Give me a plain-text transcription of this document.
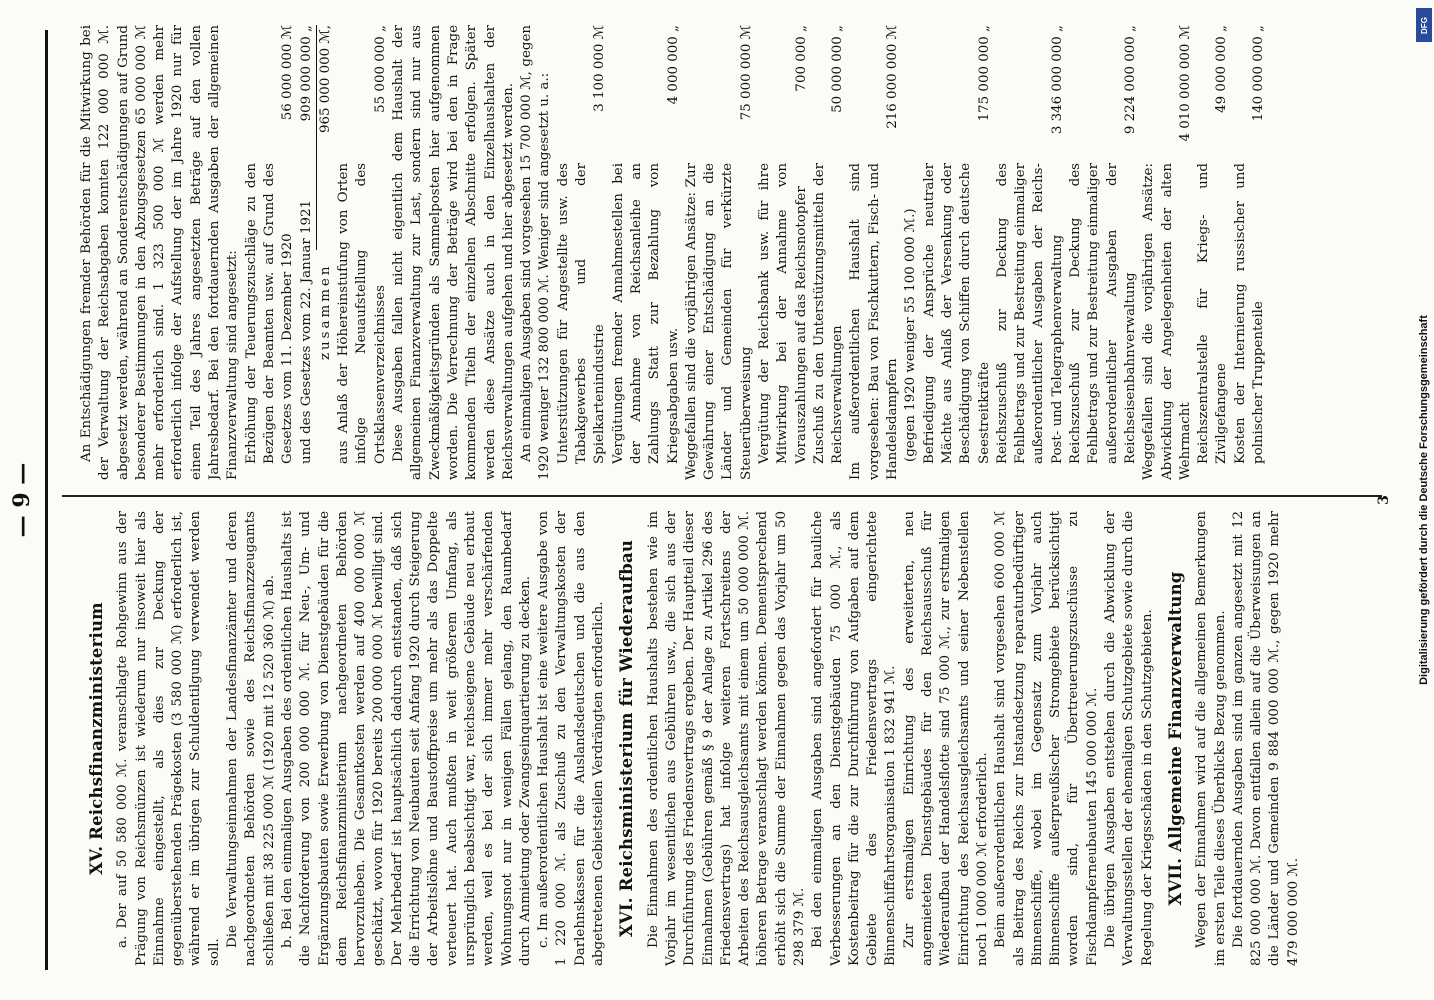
— 9 —
XV. Reichsfinanzministerium a. Der auf 50 580 000 ℳ. veranschlagte Rohgewinn aus der Prägung von Reichsmünzen ist wiederum nur insoweit hier als Einnahme eingestellt, als dies zur Deckung der gegenüberstehenden Prägekosten (3 580 000 ℳ) erforderlich ist, während er im übrigen zur Schuldentilgung verwendet werden soll.

Die Verwaltungseinnahmen der Landesfinanzämter und deren nachgeordneten Behörden sowie des Reichsfinanzzeugamts schließen mit 38 225 000 ℳ (1920 mit 12 520 360 ℳ) ab. b. Bei den einmaligen Ausgaben des ordentlichen Haushalts ist die Nachforderung von 200 000 000 ℳ. für Neu-, Um- und Ergänzungsbauten sowie Erwerbung von Dienstgebäuden für die dem Reichsfinanzministerium nachgeordneten Behörden hervorzuheben. Die Gesamtkosten werden auf 400 000 000 ℳ geschätzt, wovon für 1920 bereits 200 000 000 ℳ bewilligt sind. Der Mehrbedarf ist hauptsächlich dadurch entstanden, daß sich die Errichtung von Neubauten seit Anfang 1920 durch Steigerung der Arbeitslöhne und Baustoffpreise um mehr als das Doppelte verteuert hat. Auch mußten in weit größerem Umfang, als ursprünglich beabsichtigt war, reichseigene Gebäude neu erbaut werden, weil es bei der sich immer mehr verschärfenden Wohnungsnot nur in wenigen Fällen gelang, den Raumbedarf durch Anmietung oder Zwangseinquartierung zu decken. c. Im außerordentlichen Haushalt ist eine weitere Ausgabe von 1 220 000 ℳ. als Zuschuß zu den Verwaltungskosten der Darlehnskassen für die Auslandsdeutschen und die aus den abgetretenen Gebietsteilen Verdrängten erforderlich. XVI. Reichsministerium für Wiederaufbau Die Einnahmen des ordentlichen Haushalts bestehen wie im Vorjahr im wesentlichen aus Gebühren usw., die sich aus der Durchführung des Friedensvertrags ergeben. Der Hauptteil dieser Einnahmen (Gebühren gemäß § 9 der Anlage zu Artikel 296 des Friedensvertrags) hat infolge weiteren Fortschreitens der Arbeiten des Reichsausgleichsamts mit einem um 50 000 000 ℳ. höheren Betrage veranschlagt werden können. Dementsprechend erhöht sich die Summe der Einnahmen gegen das Vorjahr um 50 298 379 ℳ. Bei den einmaligen Ausgaben sind angefordert für bauliche Verbesserungen an den Dienstgebäuden 75 000 ℳ., als Kostenbeitrag für die zur Durchführung von Aufgaben auf dem Gebiete des Friedensvertrags eingerichtete Binnenschiffahrtsorganisation 1 832 941 ℳ. Zur erstmaligen Einrichtung des erweiterten, neu angemieteten Dienstgebäudes für den Reichsausschuß für Wiederaufbau der Handelsflotte sind 75 000 ℳ., zur erstmaligen Einrichtung des Reichsausgleichsamts und seiner Nebenstellen noch 1 000 000 ℳ erforderlich. Beim außerordentlichen Haushalt sind vorgesehen 600 000 ℳ als Beitrag des Reichs zur Instandsetzung reparaturbedürftiger Binnenschiffe, wobei im Gegensatz zum Vorjahr auch Binnenschiffe außerpreußischer Stromgebiete berücksichtigt worden sind, für Übertreuerungszuschüsse zu Fischdampferneubauten 145 000 000 ℳ. Die übrigen Ausgaben entstehen durch die Abwicklung der Verwaltungsstellen der ehemaligen Schutzgebiete sowie durch die Regelung der Kriegsschäden in den Schutzgebieten. XVII. Allgemeine Finanzverwaltung Wegen der Einnahmen wird auf die allgemeinen Bemerkungen im ersten Teile dieses Überblicks Bezug genommen. Die fortdauernden Ausgaben sind im ganzen angesetzt mit 12 825 000 000 ℳ. Davon entfallen allein auf die Überweisungen an die Länder und Gemeinden 9 884 000 000 ℳ., gegen 1920 mehr 479 000 000 ℳ.

An Entschädigungen fremder Behörden für die Mitwirkung bei der Verwaltung der Reichsabgaben konnten 122 000 000 ℳ. abgesetzt werden, während an Sonderentschädigungen auf Grund besonderer Bestimmungen in den Abzugsgesetzen 65 000 000 ℳ mehr erforderlich sind. 1 323 500 000 ℳ werden mehr erforderlich infolge der Aufstellung der im Jahre 1920 nur für einen Teil des Jahres angesetzten Beträge auf den vollen Jahresbedarf. Bei den fortdauernden Ausgaben der allgemeinen Finanzverwaltung sind angesetzt: Erhöhung der Teuerungszuschläge zu den Bezügen der Beamten usw. auf Grund des Gesetzes vom 11. Dezember 1920
56 000 000 ℳ
und des Gesetzes vom 22. Januar 1921
909 000 000 „
zusammen
965 000 000 ℳ,
aus Anlaß der Höhereinstufung von Orten infolge Neuaufstellung des Ortsklassenverzeichnisses
55 000 000 „ Diese Ausgaben fallen nicht eigentlich dem Haushalt der allgemeinen Finanzverwaltung zur Last, sondern sind nur aus Zweckmäßigkeitsgründen als Sammelposten hier aufgenommen worden. Die Verrechnung der Beträge wird bei den in Frage kommenden Titeln der einzelnen Abschnitte erfolgen. Später werden diese Ansätze auch in den Einzelhaushalten der Reichsverwaltungen aufgehen und hier abgesetzt werden. An einmaligen Ausgaben sind vorgesehen 15 700 000 ℳ, gegen 1920 weniger 132 800 000 ℳ. Weniger sind angesetzt u. a.: Unterstützungen für Angestellte usw. des Tabakgewerbes und der Spielkartenindustrie
3 100 000 ℳ
Vergütungen fremder Annahmestellen bei der Annahme von Reichsanleihe an Zahlungs Statt zur Bezahlung von Kriegsabgaben usw.
4 000 000 „
Weggefallen sind die vorjährigen Ansätze: Zur Gewährung einer Entschädigung an die Länder und Gemeinden für verkürzte Steuerüberweisung
75 000 000 ℳ
Vergütung der Reichsbank usw. für ihre Mitwirkung bei der Annahme von Vorauszahlungen auf das Reichsnotopfer
700 000 „
Zuschuß zu den Unterstützungsmitteln der Reichsverwaltungen
50 000 000 „
Im außerordentlichen Haushalt sind vorgesehen: Bau von Fischkuttern, Fisch- und Handelsdampfern
216 000 000 ℳ

(gegen 1920 weniger 55 100 000 ℳ.) Befriedigung der Ansprüche neutraler Mächte aus Anlaß der Versenkung oder Beschädigung von Schiffen durch deutsche Seestreitkräfte
175 000 000 „
Reichszuschuß zur Deckung des Fehlbetrags und zur Bestreitung einmaliger außerordentlicher Ausgaben der Reichs-Post- und Telegraphenverwaltung
3 346 000 000 „
Reichszuschuß zur Deckung des Fehlbetrags und zur Bestreitung einmaliger außerordentlicher Ausgaben der Reichseisenbahnverwaltung
9 224 000 000 „
Weggefallen sind die vorjährigen Ansätze: Abwicklung der Angelegenheiten der alten Wehrmacht
4 010 000 000 ℳ
Reichszentralstelle für Kriegs- und Zivilgefangene
49 000 000 „
Kosten der Internierung russischer und polnischer Truppenteile
140 000 000 „
3
DFG
Digitalisierung gefördert durch die Deutsche Forschungsgemeinschaft
